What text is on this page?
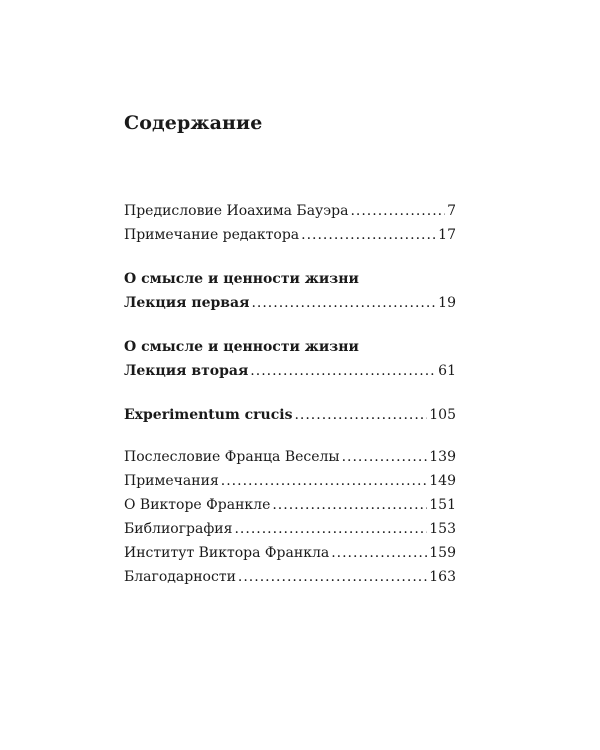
Содержание
Предисловие Иоахима Бауэра .....	7
Примечание редактора .....	17
О смысле и ценности жизни
Лекция первая .....	19
О смысле и ценности жизни
Лекция вторая .....	61
Experimentum crucis .....	105
Послесловие Франца Веселы .....	139
Примечания .....	149
О Викторе Франкле .....	151
Библиография .....	153
Институт Виктора Франкла .....	159
Благодарности .....	163
